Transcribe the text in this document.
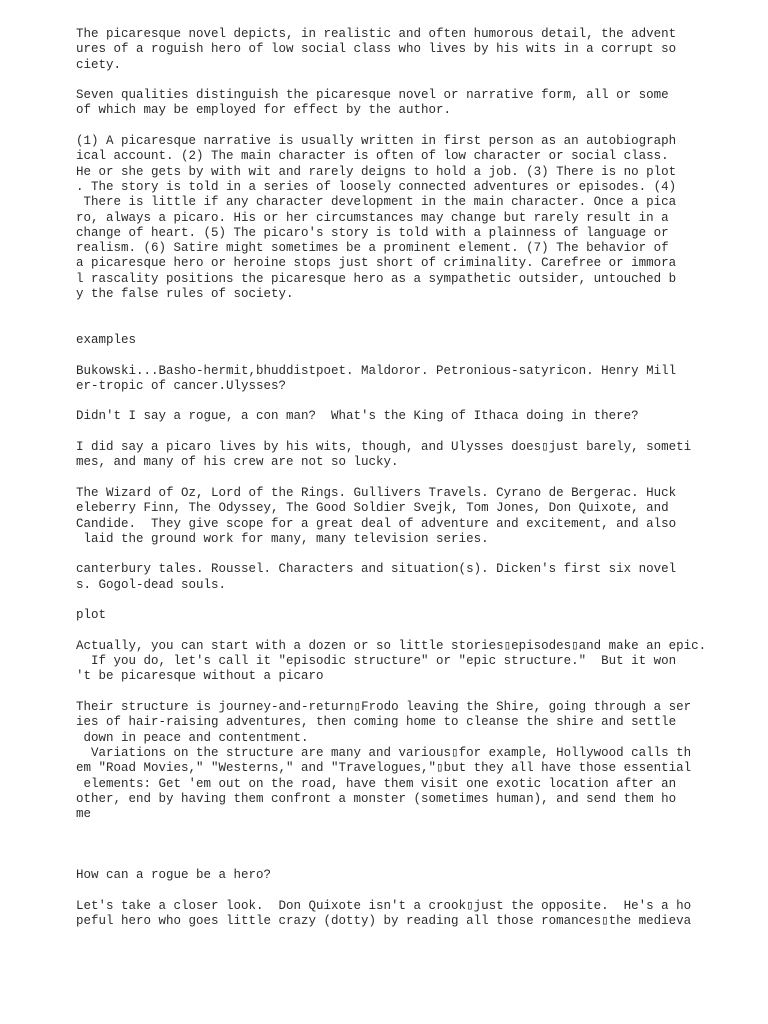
The picaresque novel depicts, in realistic and often humorous detail, the advent
ures of a roguish hero of low social class who lives by his wits in a corrupt so
ciety.
Seven qualities distinguish the picaresque novel or narrative form, all or some
of which may be employed for effect by the author.
(1) A picaresque narrative is usually written in first person as an autobiograph
ical account. (2) The main character is often of low character or social class.
He or she gets by with wit and rarely deigns to hold a job. (3) There is no plot
. The story is told in a series of loosely connected adventures or episodes. (4)
There is little if any character development in the main character. Once a pica
ro, always a picaro. His or her circumstances may change but rarely result in a
change of heart. (5) The picaro's story is told with a plainness of language or
realism. (6) Satire might sometimes be a prominent element. (7) The behavior of
a picaresque hero or heroine stops just short of criminality. Carefree or immora
l rascality positions the picaresque hero as a sympathetic outsider, untouched b
y the false rules of society.
examples
Bukowski...Basho-hermit,bhuddistpoet. Maldoror. Petronious-satyricon. Henry Mill
er-tropic of cancer.Ulysses?
Didn't I say a rogue, a con man?  What's the King of Ithaca doing in there?
I did say a picaro lives by his wits, though, and Ulysses does▯just barely, someti
mes, and many of his crew are not so lucky.
The Wizard of Oz, Lord of the Rings. Gullivers Travels. Cyrano de Bergerac. Huck
eleberry Finn, The Odyssey, The Good Soldier Svejk, Tom Jones, Don Quixote, and
Candide.  They give scope for a great deal of adventure and excitement, and also
laid the ground work for many, many television series.
canterbury tales. Roussel. Characters and situation(s). Dicken's first six novel
s. Gogol-dead souls.
plot
Actually, you can start with a dozen or so little stories▯episodes▯and make an epic.
If you do, let's call it "episodic structure" or "epic structure."  But it won
't be picaresque without a picaro
Their structure is journey-and-return▯Frodo leaving the Shire, going through a ser
ies of hair-raising adventures, then coming home to cleanse the shire and settle
down in peace and contentment.
Variations on the structure are many and various▯for example, Hollywood calls th
em "Road Movies," "Westerns," and "Travelogues,"▯but they all have those essential
elements: Get 'em out on the road, have them visit one exotic location after an
other, end by having them confront a monster (sometimes human), and send them ho
me
How can a rogue be a hero?
Let's take a closer look.  Don Quixote isn't a crook▯just the opposite.  He's a ho
peful hero who goes little crazy (dotty) by reading all those romances▯the medieva
